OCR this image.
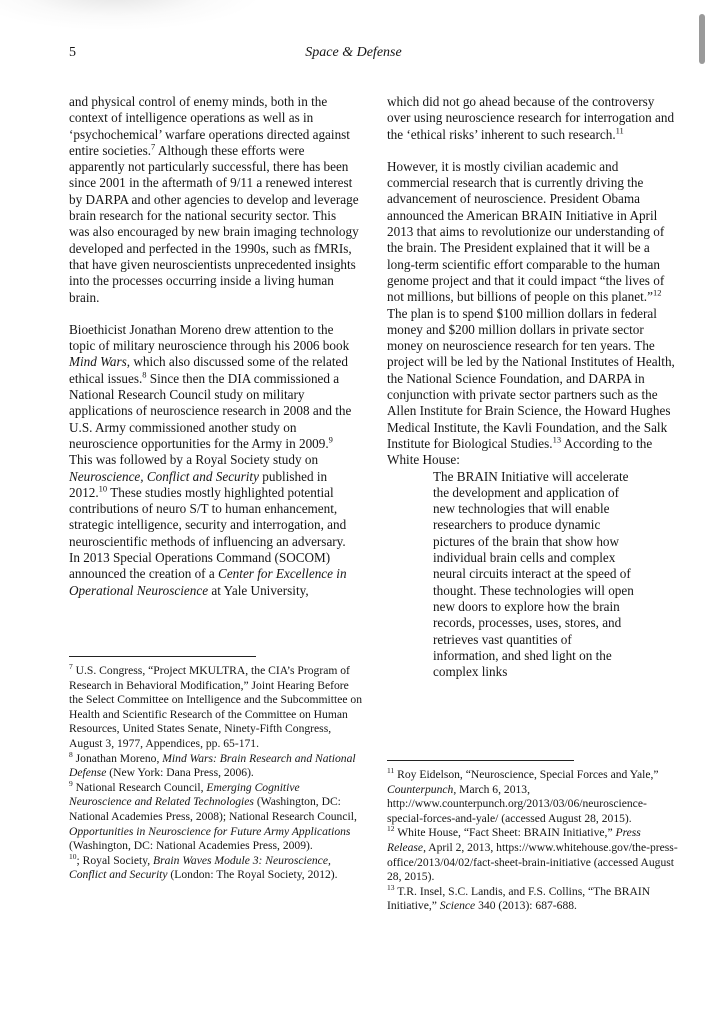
5	Space & Defense

and physical control of enemy minds, both in the context of intelligence operations as well as in ‘psychochemical’ warfare operations directed against entire societies.$^7$ Although these efforts were apparently not particularly successful, there has been since 2001 in the aftermath of 9/11 a renewed interest by DARPA and other agencies to develop and leverage brain research for the national security sector. This was also encouraged by new brain imaging technology developed and perfected in the 1990s, such as fMRIs, that have given neuroscientists unprecedented insights into the processes occurring inside a living human brain.

Bioethicist Jonathan Moreno drew attention to the topic of military neuroscience through his 2006 book Mind Wars, which also discussed some of the related ethical issues.$^8$ Since then the DIA commissioned a National Research Council study on military applications of neuroscience research in 2008 and the U.S. Army commissioned another study on neuroscience opportunities for the Army in 2009.$^9$ This was followed by a Royal Society study on Neuroscience, Conflict and Security published in 2012.10 These studies mostly highlighted potential contributions of neuro S/T to human enhancement, strategic intelligence, security and interrogation, and neuroscientific methods of influencing an adversary. In 2013 Special Operations Command (SOCOM) announced the creation of a Center for Excellence in Operational Neuroscience at Yale University,

which did not go ahead because of the controversy over using neuroscience research for interrogation and the ‘ethical risks’ inherent to such research.$^{11}$

However, it is mostly civilian academic and commercial research that is currently driving the advancement of neuroscience. President Obama announced the American BRAIN Initiative in April 2013 that aims to revolutionize our understanding of the brain. The President explained that it will be a long-term scientific effort comparable to the human genome project and that it could impact “the lives of not millions, but billions of people on this planet.”$^{12}$ The plan is to spend $100 million dollars in federal money and $200 million dollars in private sector money on neuroscience research for ten years. The project will be led by the National Institutes of Health, the National Science Foundation, and DARPA in conjunction with private sector partners such as the Allen Institute for Brain Science, the Howard Hughes Medical Institute, the Kavli Foundation, and the Salk Institute for Biological Studies.$^{13}$ According to the White House:

The BRAIN Initiative will accelerate the development and application of new technologies that will enable researchers to produce dynamic pictures of the brain that show how individual brain cells and complex neural circuits interact at the speed of thought. These technologies will open new doors to explore how the brain records, processes, uses, stores, and retrieves vast quantities of information, and shed light on the complex links

$^7$ U.S. Congress, “Project MKULTRA, the CIA’s Program of Research in Behavioral Modification,” Joint Hearing Before the Select Committee on Intelligence and the Subcommittee on Health and Scientific Research of the Committee on Human Resources, United States Senate, Ninety-Fifth Congress, August 3, 1977, Appendices, pp. 65-171.

$^8$ Jonathan Moreno, Mind Wars: Brain Research and National Defense (New York: Dana Press, 2006).

$^9$ National Research Council, Emerging Cognitive Neuroscience and Related Technologies (Washington, DC: National Academies Press, 2008); National Research Council, Opportunities in Neuroscience for Future Army Applications (Washington, DC: National Academies Press, 2009).

$^{10}$; Royal Society, Brain Waves Module 3: Neuroscience, Conflict and Security (London: The Royal Society, 2012).

$^{11}$ Roy Eidelson, “Neuroscience, Special Forces and Yale,” Counterpunch, March 6, 2013, http://www.counterpunch.org/2013/03/06/neuroscience-special-forces-and-yale/ (accessed August 28, 2015).

$^{12}$ White House, “Fact Sheet: BRAIN Initiative,” Press Release, April 2, 2013, https://www.whitehouse.gov/the-press-office/2013/04/02/fact-sheet-brain-initiative (accessed August 28, 2015).

$^{13}$ T.R. Insel, S.C. Landis, and F.S. Collins, “The BRAIN Initiative,” Science 340 (2013): 687-688.
